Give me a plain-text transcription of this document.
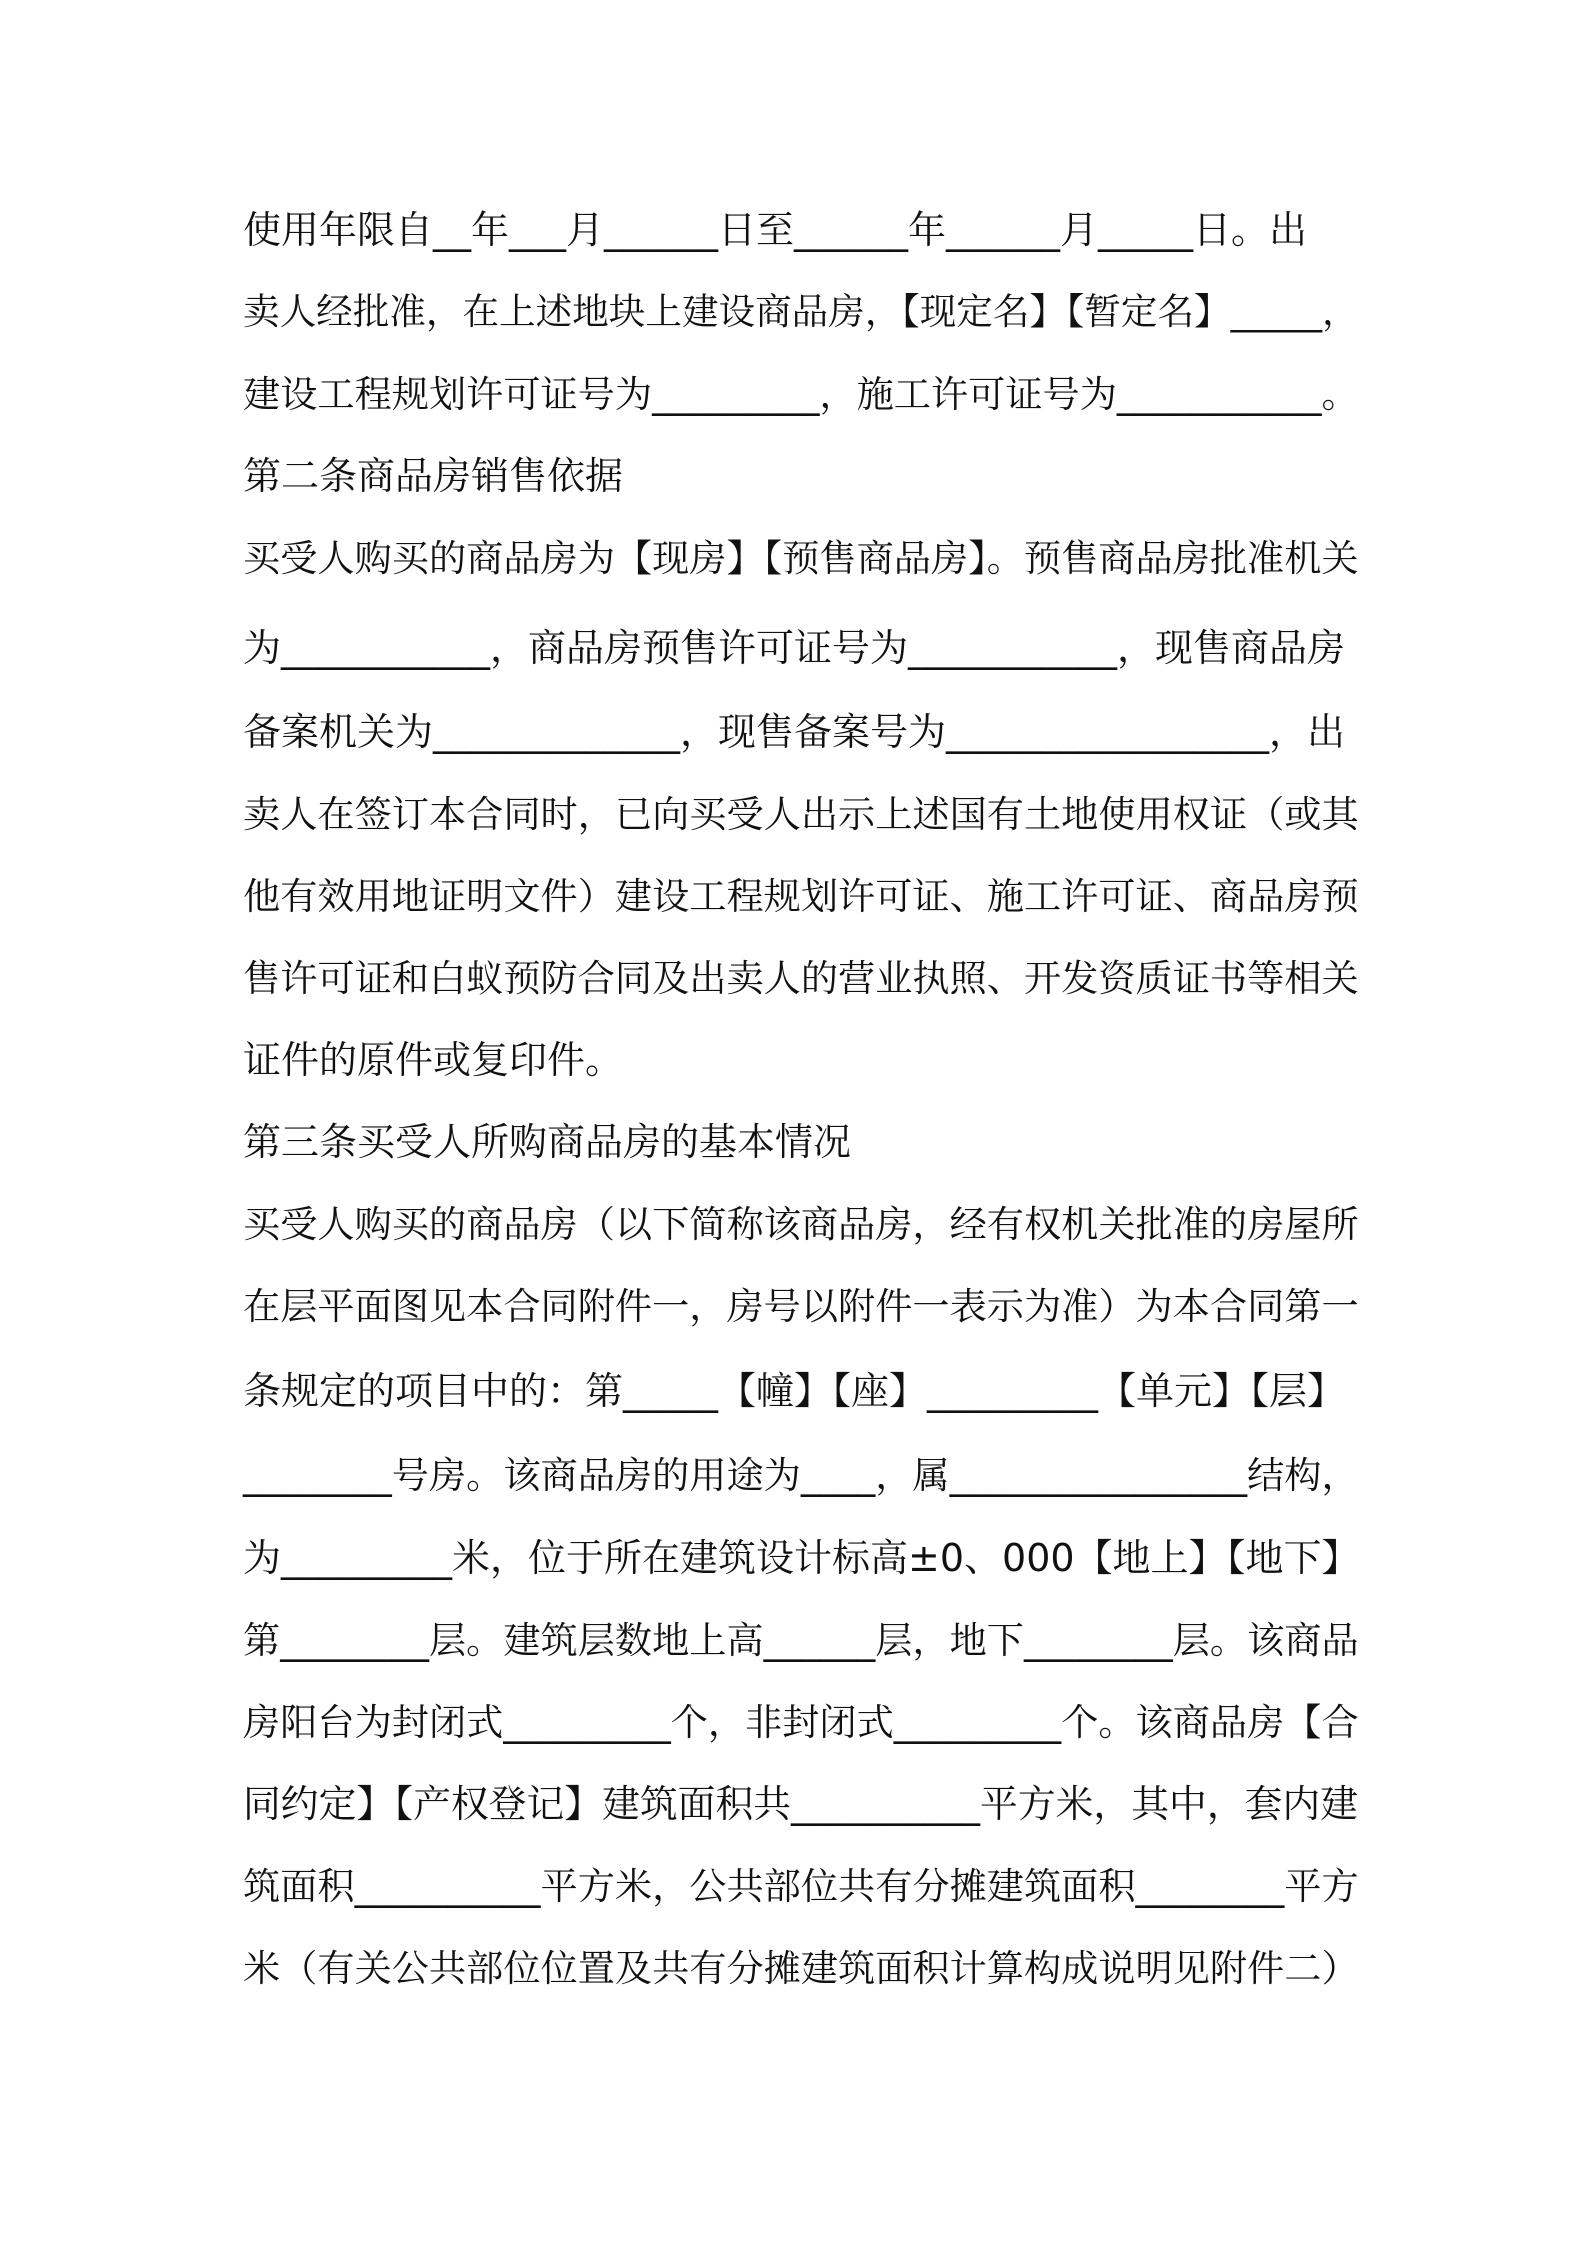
使用年限自__年___月______日至______年______月_____日。出

卖人经批准，在上述地块上建设商品房，【现定名】【暂定名】_____，

建设工程规划许可证号为_________，施工许可证号为___________。

第二条商品房销售依据

买受人购买的商品房为【现房】【预售商品房】。预售商品房批准机关

为___________，商品房预售许可证号为___________，现售商品房

备案机关为_____________，现售备案号为_________________，出

卖人在签订本合同时，已向买受人出示上述国有土地使用权证（或其

他有效用地证明文件）建设工程规划许可证、施工许可证、商品房预

售许可证和白蚁预防合同及出卖人的营业执照、开发资质证书等相关

证件的原件或复印件。

第三条买受人所购商品房的基本情况

买受人购买的商品房（以下简称该商品房，经有权机关批准的房屋所

在层平面图见本合同附件一，房号以附件一表示为准）为本合同第一

条规定的项目中的：第_____【幢】【座】_________【单元】【层】

________号房。该商品房的用途为____，属________________结构，

为_________米，位于所在建筑设计标高±0、000【地上】【地下】

第________层。建筑层数地上高______层，地下________层。该商品

房阳台为封闭式_________个，非封闭式_________个。该商品房【合

同约定】【产权登记】建筑面积共__________平方米，其中，套内建

筑面积__________平方米，公共部位共有分摊建筑面积________平方

米（有关公共部位位置及共有分摊建筑面积计算构成说明见附件二）
